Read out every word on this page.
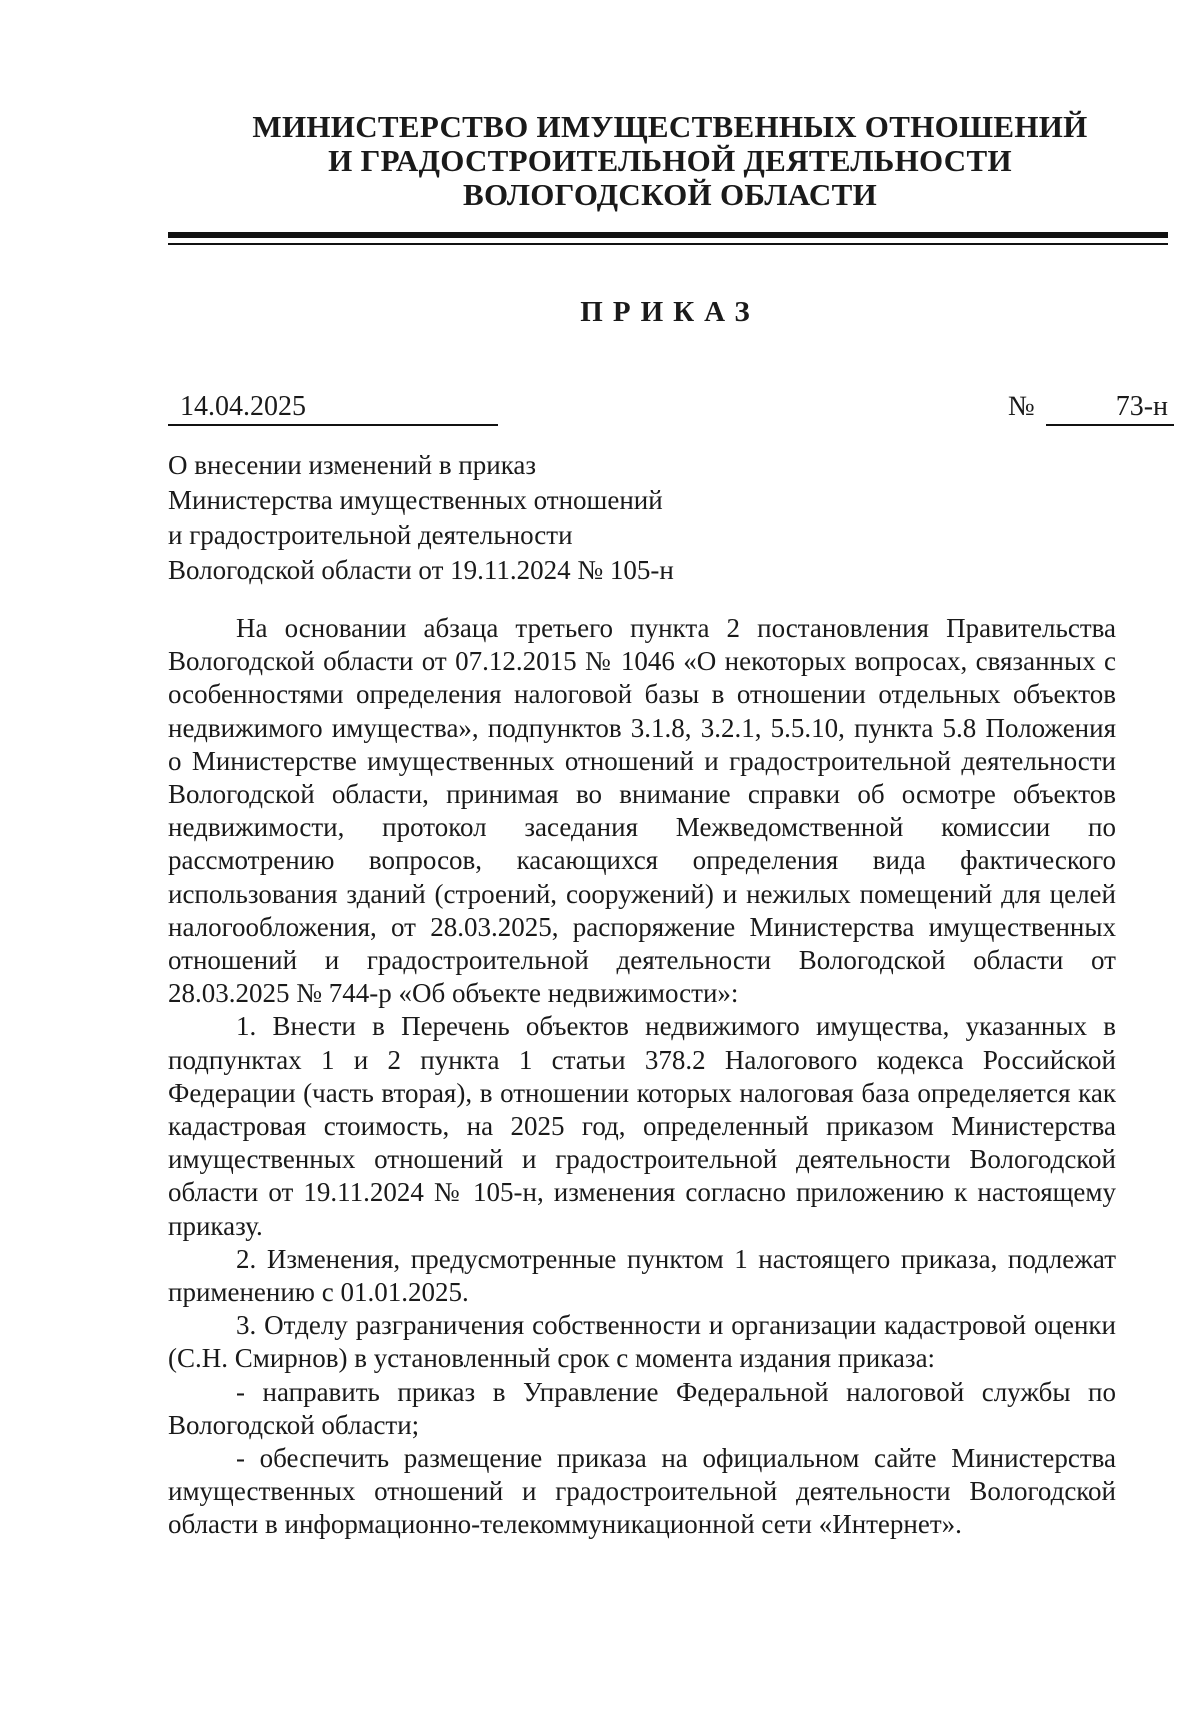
МИНИСТЕРСТВО ИМУЩЕСТВЕННЫХ ОТНОШЕНИЙ
И ГРАДОСТРОИТЕЛЬНОЙ ДЕЯТЕЛЬНОСТИ
ВОЛОГОДСКОЙ ОБЛАСТИ
ПРИКАЗ
14.04.2025	№	73-н
О внесении изменений в приказ
Министерства имущественных отношений
и градостроительной деятельности
Вологодской области от 19.11.2024 № 105-н

На основании абзаца третьего пункта 2 постановления Правительства Вологодской области от 07.12.2015 № 1046 «О некоторых вопросах, связанных с особенностями определения налоговой базы в отношении отдельных объектов недвижимого имущества», подпунктов 3.1.8, 3.2.1, 5.5.10, пункта 5.8 Положения о Министерстве имущественных отношений и градостроительной деятельности Вологодской области, принимая во внимание справки об осмотре объектов недвижимости, протокол заседания Межведомственной комиссии по рассмотрению вопросов, касающихся определения вида фактического использования зданий (строений, сооружений) и нежилых помещений для целей налогообложения, от 28.03.2025, распоряжение Министерства имущественных отношений и градостроительной деятельности Вологодской области от 28.03.2025 № 744-р «Об объекте недвижимости»:

1. Внести в Перечень объектов недвижимого имущества, указанных в подпунктах 1 и 2 пункта 1 статьи 378.2 Налогового кодекса Российской Федерации (часть вторая), в отношении которых налоговая база определяется как кадастровая стоимость, на 2025 год, определенный приказом Министерства имущественных отношений и градостроительной деятельности Вологодской области от 19.11.2024 № 105-н, изменения согласно приложению к настоящему приказу.

2. Изменения, предусмотренные пунктом 1 настоящего приказа, подлежат применению с 01.01.2025.

3. Отделу разграничения собственности и организации кадастровой оценки (С.Н. Смирнов) в установленный срок с момента издания приказа:

- направить приказ в Управление Федеральной налоговой службы по Вологодской области;

- обеспечить размещение приказа на официальном сайте Министерства имущественных отношений и градостроительной деятельности Вологодской области в информационно-телекоммуникационной сети «Интернет».
